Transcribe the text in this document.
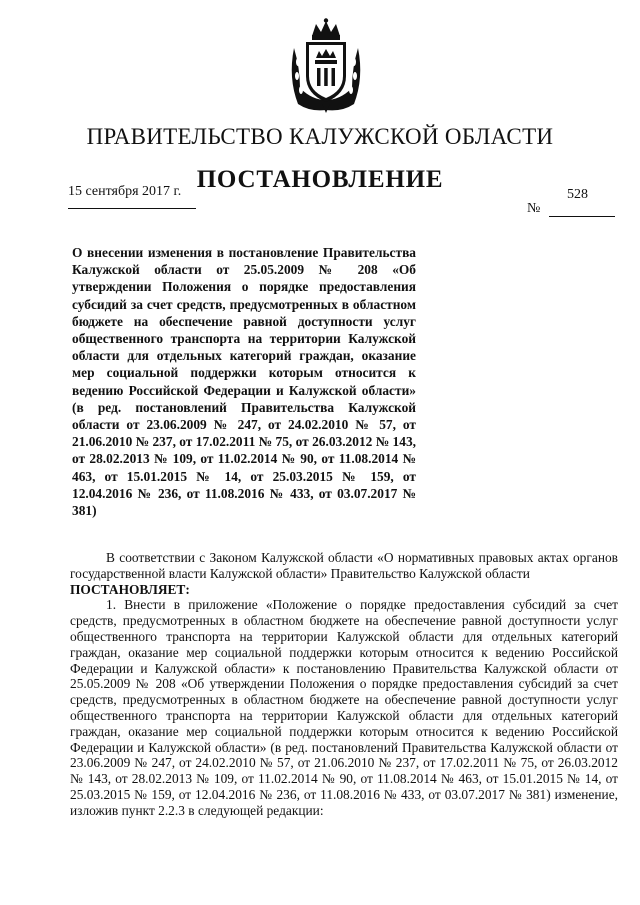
ПРАВИТЕЛЬСТВО КАЛУЖСКОЙ ОБЛАСТИ
15 сентября 2017 г. ПОСТАНОВЛЕНИЕ
528
№

О внесении изменения в постановление Правительства Калужской области от 25.05.2009 № 208 «Об утверждении Положения о порядке предоставления субсидий за счет средств, предусмотренных в областном бюджете на обеспечение равной доступности услуг общественного транспорта на территории Калужской области для отдельных категорий граждан, оказание мер социальной поддержки которым относится к ведению Российской Федерации и Калужской области» (в ред. постановлений Правительства Калужской области от 23.06.2009 № 247, от 24.02.2010 № 57, от 21.06.2010 № 237, от 17.02.2011 № 75, от 26.03.2012 № 143, от 28.02.2013 № 109, от 11.02.2014 № 90, от 11.08.2014 № 463, от 15.01.2015 № 14, от 25.03.2015 № 159, от 12.04.2016 № 236, от 11.08.2016 № 433, от 03.07.2017 № 381)

В соответствии с Законом Калужской области «О нормативных правовых актах органов государственной власти Калужской области» Правительство Калужской области

ПОСТАНОВЛЯЕТ:

1. Внести в приложение «Положение о порядке предоставления субсидий за счет средств, предусмотренных в областном бюджете на обеспечение равной доступности услуг общественного транспорта на территории Калужской области для отдельных категорий граждан, оказание мер социальной поддержки которым относится к ведению Российской Федерации и Калужской области» к постановлению Правительства Калужской области от 25.05.2009 № 208 «Об утверждении Положения о порядке предоставления субсидий за счет средств, предусмотренных в областном бюджете на обеспечение равной доступности услуг общественного транспорта на территории Калужской области для отдельных категорий граждан, оказание мер социальной поддержки которым относится к ведению Российской Федерации и Калужской области» (в ред. постановлений Правительства Калужской области от 23.06.2009 № 247, от 24.02.2010 № 57, от 21.06.2010 № 237, от 17.02.2011 № 75, от 26.03.2012 № 143, от 28.02.2013 № 109, от 11.02.2014 № 90, от 11.08.2014 № 463, от 15.01.2015 № 14, от 25.03.2015 № 159, от 12.04.2016 № 236, от 11.08.2016 № 433, от 03.07.2017 № 381) изменение, изложив пункт 2.2.3 в следующей редакции:
